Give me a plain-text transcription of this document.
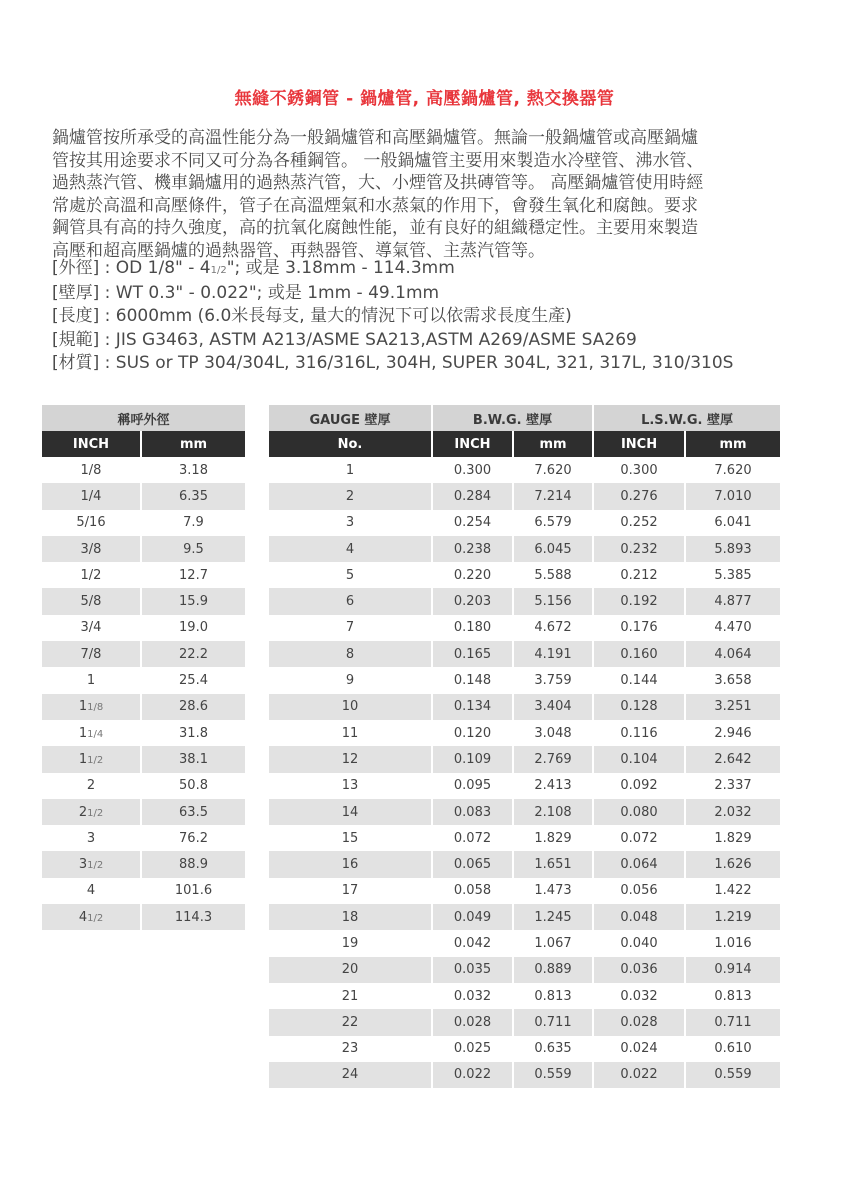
無縫不銹鋼管 - 鍋爐管, 高壓鍋爐管, 熱交換器管
鍋爐管按所承受的高溫性能分為一般鍋爐管和高壓鍋爐管。無論一般鍋爐管或高壓鍋爐
管按其用途要求不同又可分為各種鋼管。 一般鍋爐管主要用來製造水冷壁管、沸水管、
過熱蒸汽管、機車鍋爐用的過熱蒸汽管，大、小煙管及拱磚管等。 高壓鍋爐管使用時經
常處於高溫和高壓條件，管子在高溫煙氣和水蒸氣的作用下，會發生氧化和腐蝕。要求
鋼管具有高的持久強度，高的抗氧化腐蝕性能，並有良好的組織穩定性。主要用來製造
高壓和超高壓鍋爐的過熱器管、再熱器管、導氣管、主蒸汽管等。
[外徑] : OD 1/8" - 41/2"; 或是 3.18mm - 114.3mm
[壁厚] : WT 0.3" - 0.022"; 或是 1mm - 49.1mm
[長度] : 6000mm (6.0米長每支, 量大的情況下可以依需求長度生產)
[規範] : JIS G3463, ASTM A213/ASME SA213,ASTM A269/ASME SA269
[材質] : SUS or TP 304/304L, 316/316L, 304H, SUPER 304L, 321, 317L, 310/310S
稱呼外徑	
INCH	mm
1/8	3.18
1/4	6.35
5/16	7.9
3/8	9.5
1/2	12.7
5/8	15.9
3/4	19.0
7/8	22.2
1	25.4
11/8	28.6
11/4	31.8
11/2	38.1
2	50.8
21/2	63.5
3	76.2
31/2	88.9
4	101.6
41/2	114.3
GAUGE 壁厚	B.W.G. 壁厚		L.S.W.G. 壁厚	
No.	INCH	mm	INCH	mm
1	0.300	7.620	0.300	7.620
2	0.284	7.214	0.276	7.010
3	0.254	6.579	0.252	6.041
4	0.238	6.045	0.232	5.893
5	0.220	5.588	0.212	5.385
6	0.203	5.156	0.192	4.877
7	0.180	4.672	0.176	4.470
8	0.165	4.191	0.160	4.064
9	0.148	3.759	0.144	3.658
10	0.134	3.404	0.128	3.251
11	0.120	3.048	0.116	2.946
12	0.109	2.769	0.104	2.642
13	0.095	2.413	0.092	2.337
14	0.083	2.108	0.080	2.032
15	0.072	1.829	0.072	1.829
16	0.065	1.651	0.064	1.626
17	0.058	1.473	0.056	1.422
18	0.049	1.245	0.048	1.219
19	0.042	1.067	0.040	1.016
20	0.035	0.889	0.036	0.914
21	0.032	0.813	0.032	0.813
22	0.028	0.711	0.028	0.711
23	0.025	0.635	0.024	0.610
24	0.022	0.559	0.022	0.559
